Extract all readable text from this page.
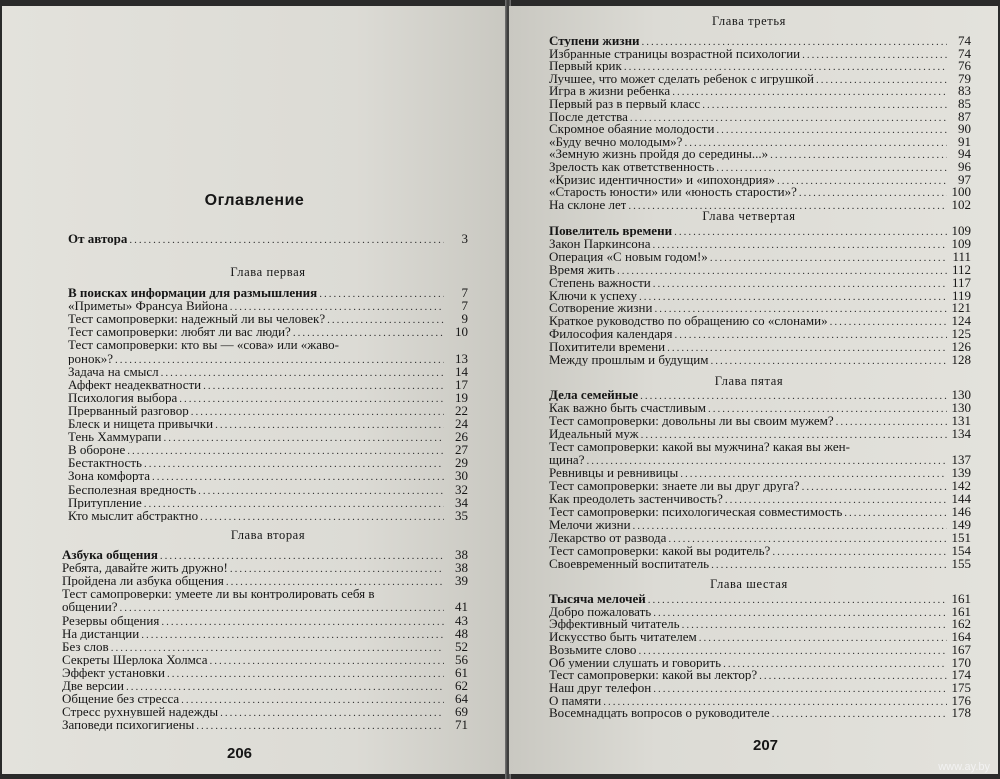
Оглавление
От автора .....	3
Глава первая
В поисках информации для размышления .....	7
«Приметы» Франсуа Вийона .....	7
Тест самопроверки: надежный ли вы человек? .....	9
Тест самопроверки: любят ли вас люди? .....	10
Тест самопроверки: кто вы — «сова» или «жаво-
ронок»? .....	13
Задача на смысл .....	14
Аффект неадекватности .....	17
Психология выбора .....	19
Прерванный разговор .....	22
Блеск и нищета привычки .....	24
Тень Хаммурапи .....	26
В обороне .....	27
Бестактность .....	29
Зона комфорта .....	30
Бесполезная вредность .....	32
Притупление .....	34
Кто мыслит абстрактно .....	35
Глава вторая
Азбука общения .....	38
Ребята, давайте жить дружно! .....	38
Пройдена ли азбука общения .....	39
Тест самопроверки: умеете ли вы контролировать себя в
общении? .....	41
Резервы общения .....	43
На дистанции .....	48
Без слов .....	52
Секреты Шерлока Холмса .....	56
Эффект установки .....	61
Две версии .....	62
Общение без стресса .....	64
Стресс рухнувшей надежды .....	69
Заповеди психогигиены .....	71
206
Глава третья
Ступени жизни .....	74
Избранные страницы возрастной психологии .....	74
Первый крик .....	76
Лучшее, что может сделать ребенок с игрушкой .....	79
Игра в жизни ребенка .....	83
Первый раз в первый класс .....	85
После детства .....	87
Скромное обаяние молодости .....	90
«Буду вечно молодым»? .....	91
«Земную жизнь пройдя до середины...» .....	94
Зрелость как ответственность .....	96
«Кризис идентичности» и «ипохондрия» .....	97
«Старость юности» или «юность старости»? .....	100
На склоне лет .....	102
Глава четвертая
Повелитель времени .....	109
Закон Паркинсона .....	109
Операция «С новым годом!» .....	111
Время жить .....	112
Степень важности .....	117
Ключи к успеху .....	119
Сотворение жизни .....	121
Краткое руководство по обращению со «слонами» .....	124
Философия календаря .....	125
Похитители времени .....	126
Между прошлым и будущим .....	128
Глава пятая
Дела семейные .....	130
Как важно быть счастливым .....	130
Тест самопроверки: довольны ли вы своим мужем? .....	131
Идеальный муж .....	134
Тест самопроверки: какой вы мужчина? какая вы жен-
щина? .....	137
Ревнивцы и ревнивицы .....	139
Тест самопроверки: знаете ли вы друг друга? .....	142
Как преодолеть застенчивость? .....	144
Тест самопроверки: психологическая совместимость .....	146
Мелочи жизни .....	149
Лекарство от развода .....	151
Тест самопроверки: какой вы родитель? .....	154
Своевременный воспитатель .....	155
Глава шестая
Тысяча мелочей .....	161
Добро пожаловать .....	161
Эффективный читатель .....	162
Искусство быть читателем .....	164
Возьмите слово .....	167
Об умении слушать и говорить .....	170
Тест самопроверки: какой вы лектор? .....	174
Наш друг телефон .....	175
О памяти .....	176
Восемнадцать вопросов о руководителе .....	178
207
www.ay.by
